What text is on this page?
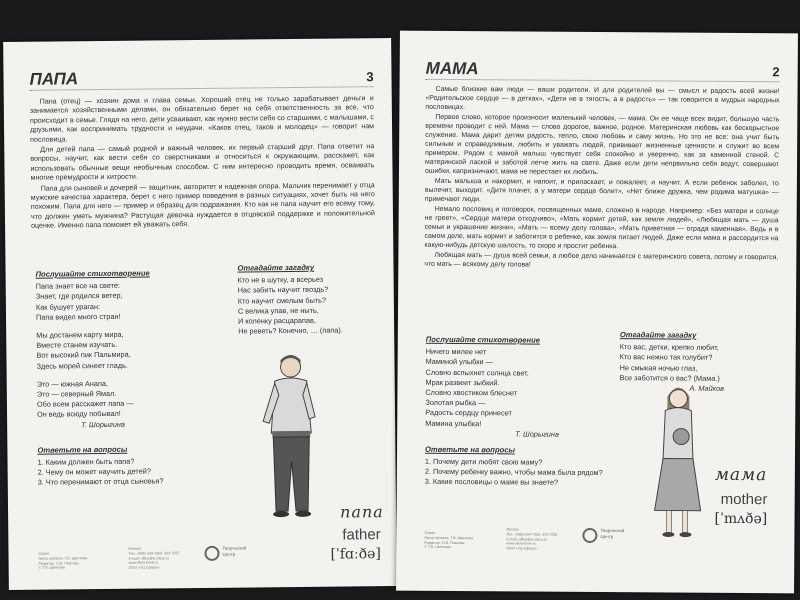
ПАПА	3

Папа (отец) — хозяин дома и глава семьи. Хороший отец не только зарабатывает деньги и занимается хозяйственными делами, он обязательно берет на себя ответственность за все, что происходит в семье. Глядя на него, дети усваивают, как нужно вести себя со старшими, с малышами, с друзьями, как воспринимать трудности и неудачи. «Каков отец, таков и молодец» — говорит нам пословица.

Для детей папа — самый родной и важный человек, их первый старший друг. Папа ответит на вопросы, научит, как вести себя со сверстниками и относиться к окружающим, расскажет, как использовать обычные вещи необычным способом. С ним интересно проводить время, осваивать многие премудрости и хитрости.

Папа для сыновей и дочерей — защитник, авторитет и надежная опора. Мальчик перенимает у отца мужские качества характера, берет с него пример поведения в разных ситуациях, хочет быть на него похожим. Папа для него — пример и образец для подражания. Кто как не папа научит его всему тому, что должен уметь мужчина? Растущая девочка нуждается в отцовской поддержке и положительной оценке. Именно папа поможет ей уважать себя.

Послушайте стихотворение
Папа знает все на свете:
Знает, где родился ветер,
Как бушует ураган:
Папа видел много стран!
Мы достанем карту мира,
Вместе станем изучать.
Вот высокий пик Пальмира,
Здесь морей синеет гладь.
Это — южная Анапа,
Это — северный Ямал.
Обо всем расскажет папа —
Он ведь всюду побывал!
Т. Шорыгина
Отгадайте загадку
Кто не в шутку, а всерьез
Нас забить научит гвоздь?
Кто научит смелым быть?
С велика упав, не ныть,
И коленку расцарапав,
Не реветь? Конечно, … (папа).
Ответьте на вопросы
1. Каким должен быть папа?
2. Чему он может научить детей?
3. Что перенимают от отца сыновья?
папа
father
[ˈfɑːðə]
Серия
Автор проекта: Т.В. Цветкова
Редактор: О.В. Павлова
© Т.В. Цветкова
Москва
Тел.: (495) 334-7355, 334-7255
E-mail: office@tc-sfera.ru
www.sfera-book.ru
ООО «ТЦ Сфера»
Творческий
Центр
МАМА	2

Самые близкие вам люди — ваши родители. И для родителей вы — смысл и радость всей жизни! «Родительское сердце — в детках», «Дети не в тягость, а в радость» — так говорится в мудрых народных пословицах.

Первое слово, которое произносит маленький человек, — мама. Он ее чаще всех видит, большую часть времени проводит с ней. Мама — слово дорогое, важное, родное. Материнская любовь как бескорыстное служение. Мама дарит детям радость, тепло, свою любовь и саму жизнь. Но это не все: она учит быть сильным и справедливым, любить и уважать людей, прививает жизненные ценности и служит во всем примером. Рядом с мамой малыш чувствует себя спокойно и уверенно, как за каменной стеной. С материнской лаской и заботой легче жить на свете. Даже если дети непрвильно себя ведут, совершают ошибки, капризничают, мама не перестает их любить.

Мать малыша и накормит, и напоит, и приласкает, и пожалеет, и научит. А если ребенок заболел, то вылечит, выходит. «Дитя плачет, а у матери сердце болит», «Нет ближе дружка, чем родима матушка» — примечают люди.

Немало пословиц и поговорок, посвященных маме, сложено в народе. Например: «Без матери и солнце не греет», «Сердце матери отходчиво», «Мать кормит детей, как земля людей», «Любящая мать — душа семьи и украшение жизни», «Мать — всему делу голова», «Мать приветная — ограда каменная». Ведь и в самом деле, мать кормит и заботится о ребенке, как земля питает людей. Даже если мама и рассердится на какую-нибудь детскую шалость, то скоро и простит ребенка.

Любящая мать — душа всей семьи, а любое дело начинается с материнского совета, потому и говорится, что мать — всякому делу голова!

Послушайте стихотворение
Ничего милее нет
Маминой улыбки —
Словно вспыхнет солнца свет,
Мрак развеет зыбкий.
Словно хвостиком блеснет
Золотая рыбка —
Радость сердцу принесет
Мамина улыбка!
Т. Шорыгина
Отгадайте загадку
Кто вас, детки, крепко любит,
Кто вас нежно так голубит?
Не смыкая ночью глаз,
Все заботится о вас? (Мама.)
А. Майков
Ответьте на вопросы
1. Почему дети любят свою маму?
2. Почему ребенку важно, чтобы мама была рядом?
3. Какие пословицы о маме вы знаете?	мама
mother
[ˈmʌðə]
Серия
Автор проекта: Т.В. Цветкова
Редактор: О.В. Павлова
© Т.В. Цветкова
Москва
Тел.: (495) 334-7355, 334-7255
E-mail: office@tc-sfera.ru
www.sfera-book.ru
ООО «ТЦ Сфера»
Творческий
Центр
